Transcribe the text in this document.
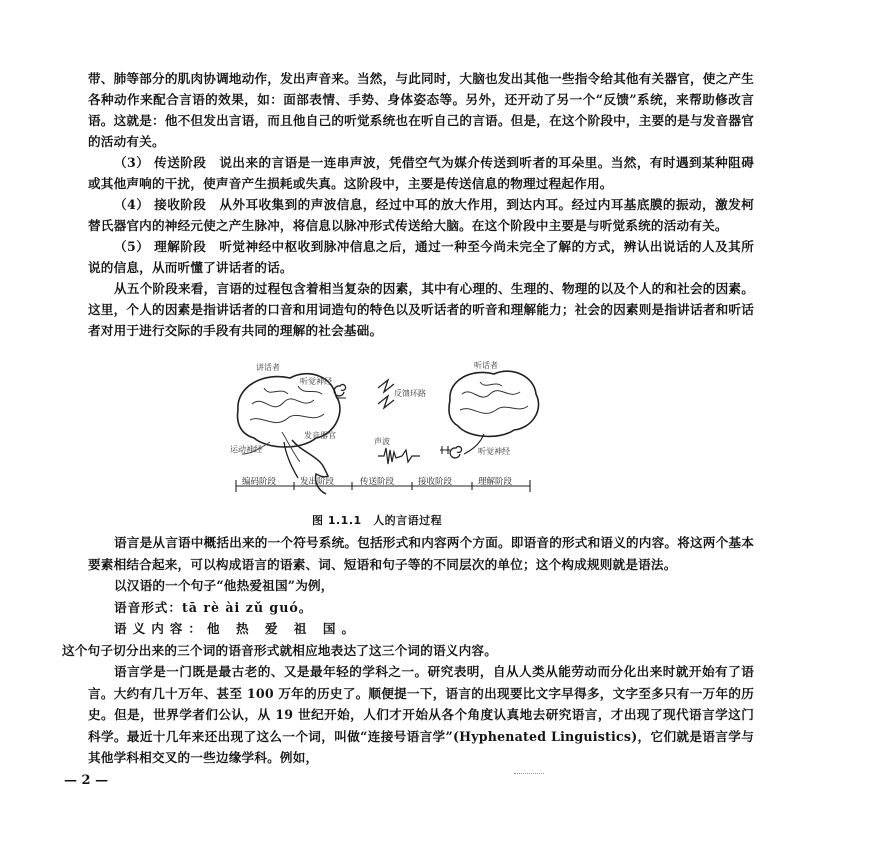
带、肺等部分的肌肉协调地动作，发出声音来。当然，与此同时，大脑也发出其他一些指令给其他有关器官，使之产生各种动作来配合言语的效果，如：面部表情、手势、身体姿态等。另外，还开动了另一个“反馈”系统，来帮助修改言语。这就是：他不但发出言语，而且他自己的听觉系统也在听自己的言语。但是，在这个阶段中，主要的是与发音器官的活动有关。

（3） 传送阶段　说出来的言语是一连串声波，凭借空气为媒介传送到听者的耳朵里。当然，有时遇到某种阻碍或其他声响的干扰，使声音产生损耗或失真。这阶段中，主要是传送信息的物理过程起作用。

（4） 接收阶段　从外耳收集到的声波信息，经过中耳的放大作用，到达内耳。经过内耳基底膜的振动，激发柯替氏器官内的神经元使之产生脉冲，将信息以脉冲形式传送给大脑。在这个阶段中主要是与听觉系统的活动有关。

（5） 理解阶段　听觉神经中枢收到脉冲信息之后，通过一种至今尚未完全了解的方式，辨认出说话的人及其所说的信息，从而听懂了讲话者的话。

从五个阶段来看，言语的过程包含着相当复杂的因素，其中有心理的、生理的、物理的以及个人的和社会的因素。这里，个人的因素是指讲话者的口音和用词造句的特色以及听话者的听音和理解能力；社会的因素则是指讲话者和听话者对用于进行交际的手段有共同的理解的社会基础。

讲话者	听话者
听觉神经
反馈环路
发音器官
运动神经
声波
听觉神经
编码阶段	发出阶段	传送阶段	接收阶段	理解阶段
图 1.1.1　人的言语过程

语言是从言语中概括出来的一个符号系统。包括形式和内容两个方面。即语音的形式和语义的内容。将这两个基本要素相结合起来，可以构成语言的语素、词、短语和句子等的不同层次的单位；这个构成规则就是语法。

以汉语的一个句子“他热爱祖国”为例，

语音形式：tā rè ài zǔ guó。

语义内容：他 热 爱 祖 国。

这个句子切分出来的三个词的语音形式就相应地表达了这三个词的语义内容。

语言学是一门既是最古老的、又是最年轻的学科之一。研究表明，自从人类从能劳动而分化出来时就开始有了语言。大约有几十万年、甚至 100 万年的历史了。顺便提一下，语言的出现要比文字早得多，文字至多只有一万年的历史。但是，世界学者们公认，从 19 世纪开始，人们才开始从各个角度认真地去研究语言，才出现了现代语言学这门科学。最近十几年来还出现了这么一个词，叫做“连接号语言学”(Hyphenated Linguistics)，它们就是语言学与其他学科相交叉的一些边缘学科。例如，

— 2 —
